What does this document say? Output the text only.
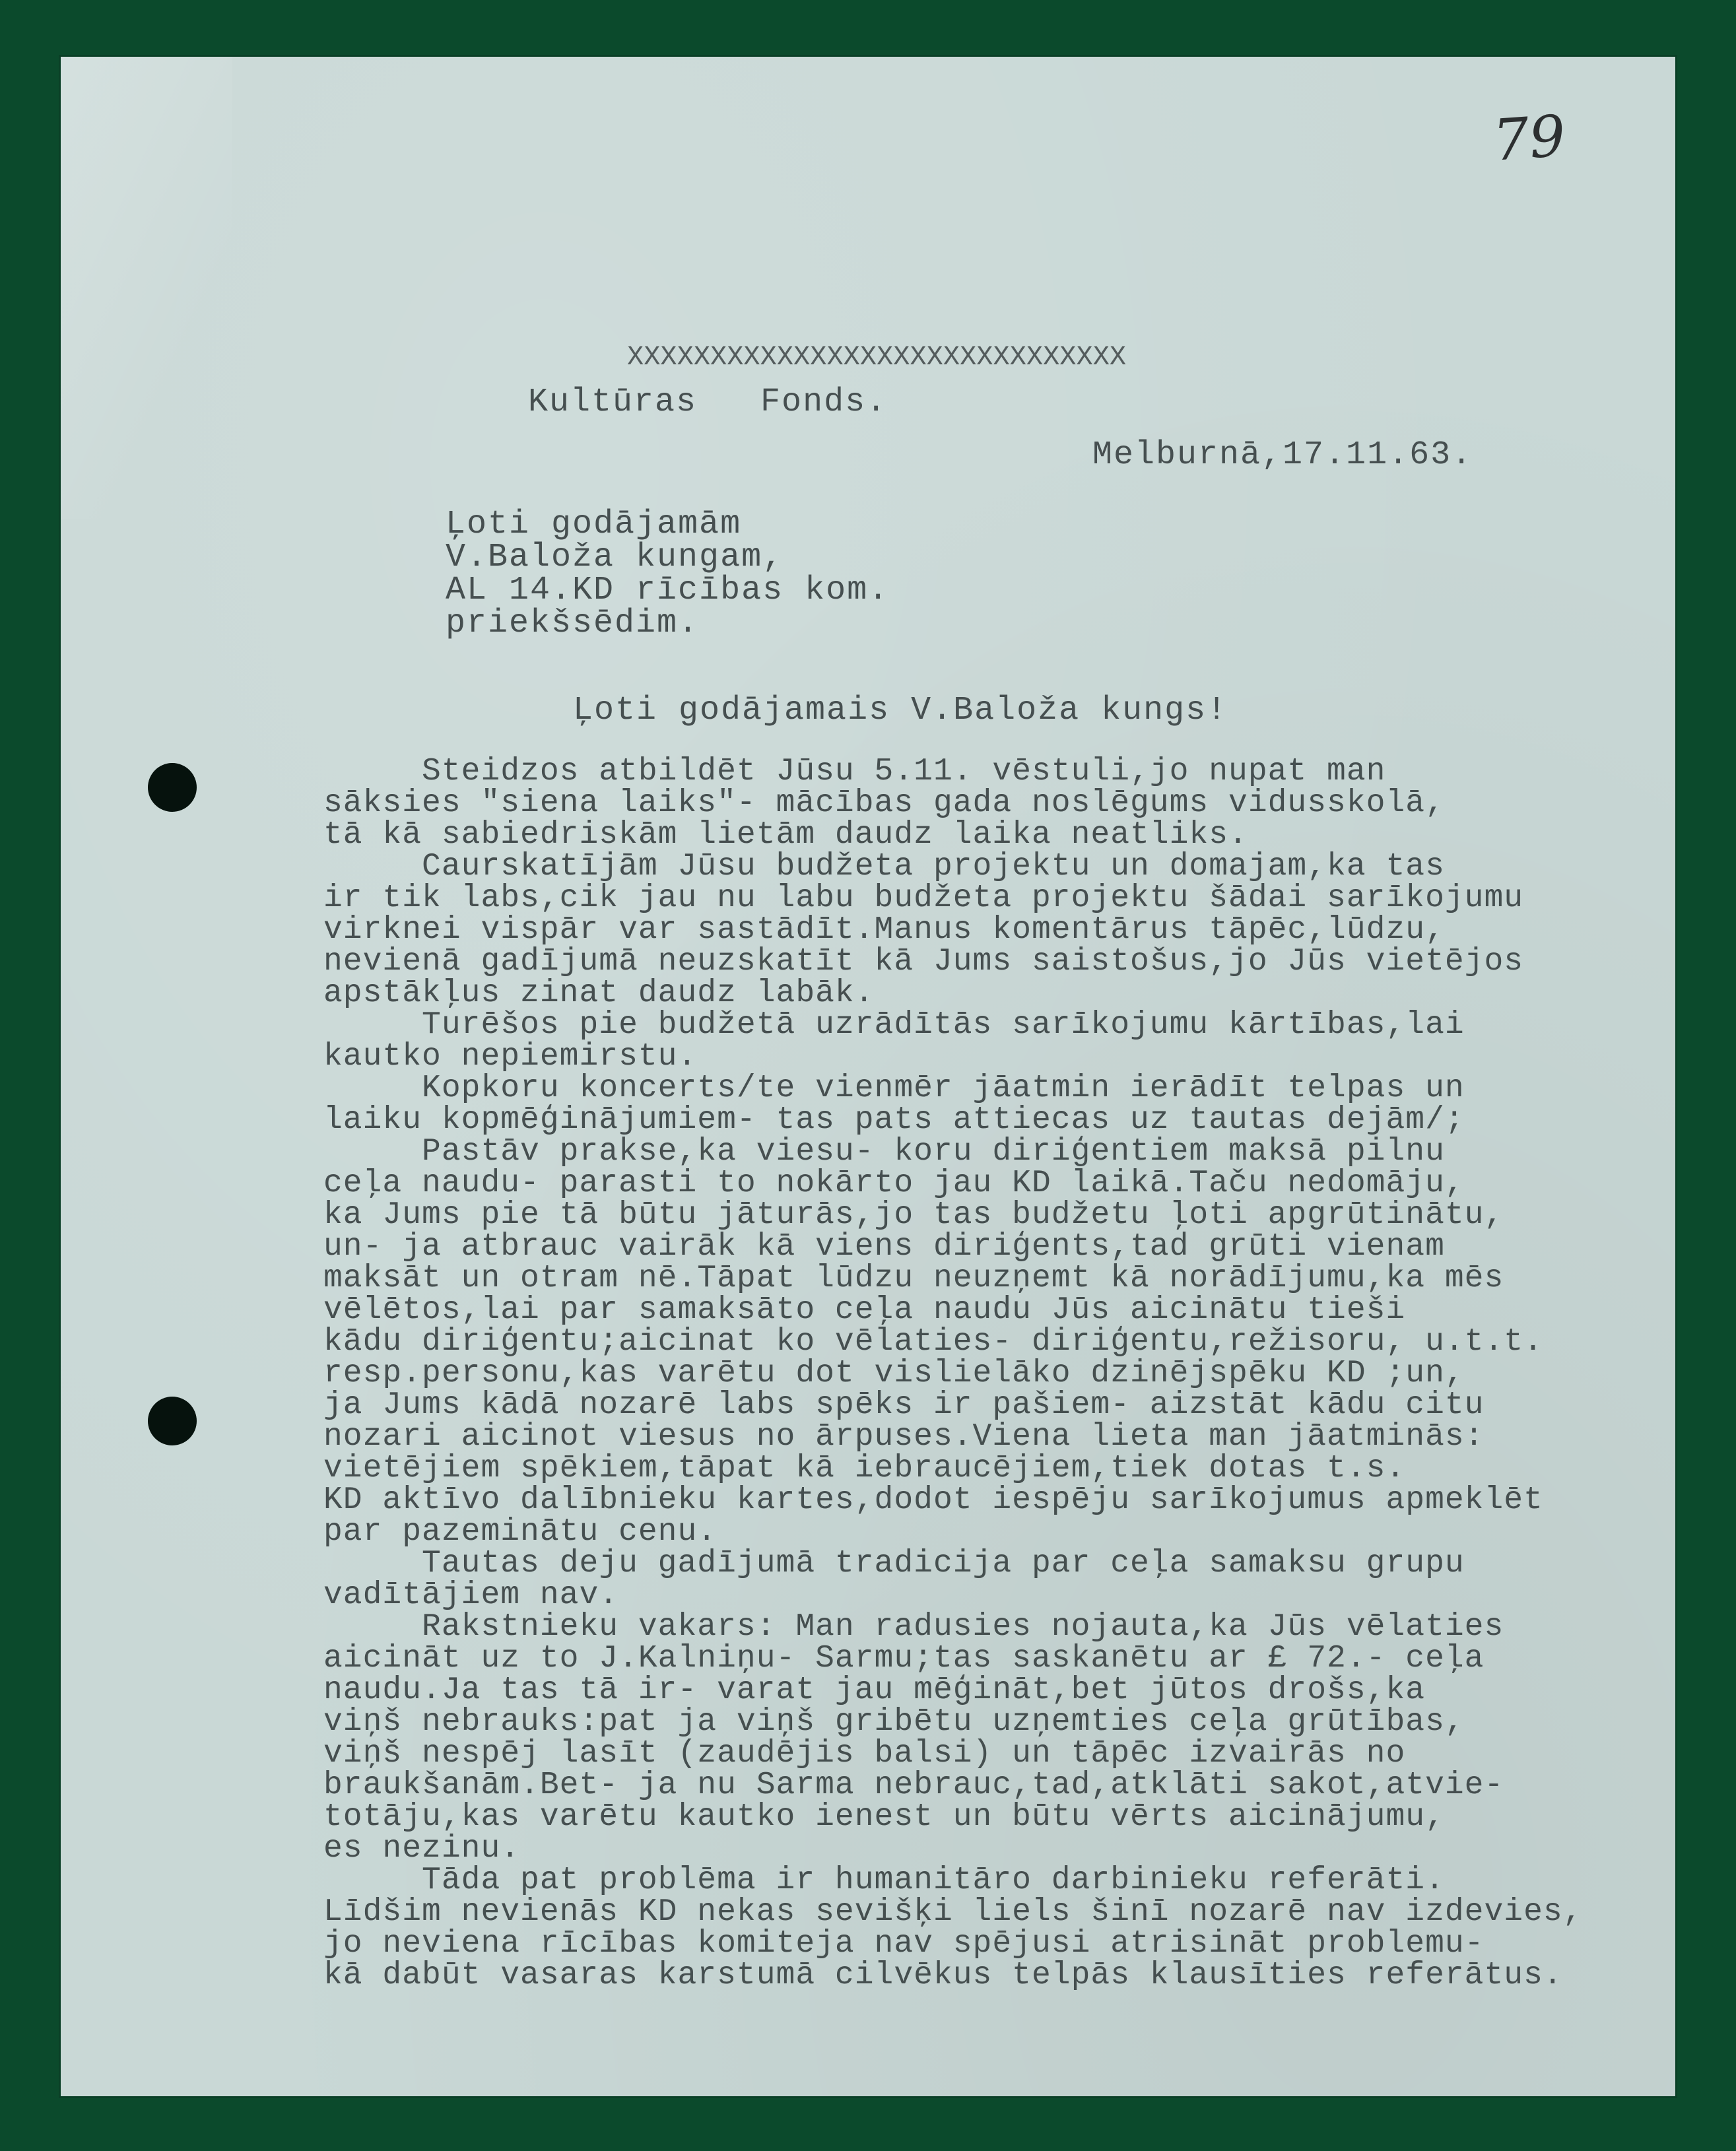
79
XXXXXXXXXXXXXXXXXXXXXXXXXXXXXX
Kultūras   Fonds.
Melburnā,17.11.63.
Ļoti godājamām
V.Baloža kungam,
AL 14.KD rīcības kom.
priekšsēdim.
Ļoti godājamais V.Baloža kungs!
Steidzos atbildēt Jūsu 5.11. vēstuli,jo nupat man
sāksies "siena laiks"- mācības gada noslēgums vidusskolā,
tā kā sabiedriskām lietām daudz laika neatliks.
Caurskatījām Jūsu budžeta projektu un domajam,ka tas
ir tik labs,cik jau nu labu budžeta projektu šādai sarīkojumu
virknei vispār var sastādīt.Manus komentārus tāpēc,lūdzu,
nevienā gadījumā neuzskatīt kā Jums saistošus,jo Jūs vietējos
apstākļus zinat daudz labāk.
Turēšos pie budžetā uzrādītās sarīkojumu kārtības,lai
kautko nepiemirstu.
Kopkoru koncerts/te vienmēr jāatmin ierādīt telpas un
laiku kopmēģinājumiem- tas pats attiecas uz tautas dejām/;
Pastāv prakse,ka viesu- koru diriģentiem maksā pilnu
ceļa naudu- parasti to nokārto jau KD laikā.Taču nedomāju,
ka Jums pie tā būtu jāturās,jo tas budžetu ļoti apgrūtinātu,
un- ja atbrauc vairāk kā viens diriģents,tad grūti vienam
maksāt un otram nē.Tāpat lūdzu neuzņemt kā norādījumu,ka mēs
vēlētos,lai par samaksāto ceļa naudu Jūs aicinātu tieši
kādu diriģentu;aicinat ko vēlaties- diriģentu,režisoru, u.t.t.
resp.personu,kas varētu dot vislielāko dzinējspēku KD ;un,
ja Jums kādā nozarē labs spēks ir pašiem- aizstāt kādu citu
nozari aicinot viesus no ārpuses.Viena lieta man jāatminās:
vietējiem spēkiem,tāpat kā iebraucējiem,tiek dotas t.s.
KD aktīvo dalībnieku kartes,dodot iespēju sarīkojumus apmeklēt
par pazeminātu cenu.
Tautas deju gadījumā tradicija par ceļa samaksu grupu
vadītājiem nav.
Rakstnieku vakars: Man radusies nojauta,ka Jūs vēlaties
aicināt uz to J.Kalniņu- Sarmu;tas saskanētu ar £ 72.- ceļa
naudu.Ja tas tā ir- varat jau mēģināt,bet jūtos drošs,ka
viņš nebrauks:pat ja viņš gribētu uzņemties ceļa grūtības,
viņš nespēj lasīt (zaudējis balsi) un tāpēc izvairās no
braukšanām.Bet- ja nu Sarma nebrauc,tad,atklāti sakot,atvie-
totāju,kas varētu kautko ienest un būtu vērts aicinājumu,
es nezinu.
Tāda pat problēma ir humanitāro darbinieku referāti.
Līdšim nevienās KD nekas sevišķi liels šinī nozarē nav izdevies,
jo neviena rīcības komiteja nav spējusi atrisināt problemu-
kā dabūt vasaras karstumā cilvēkus telpās klausīties referātus.
